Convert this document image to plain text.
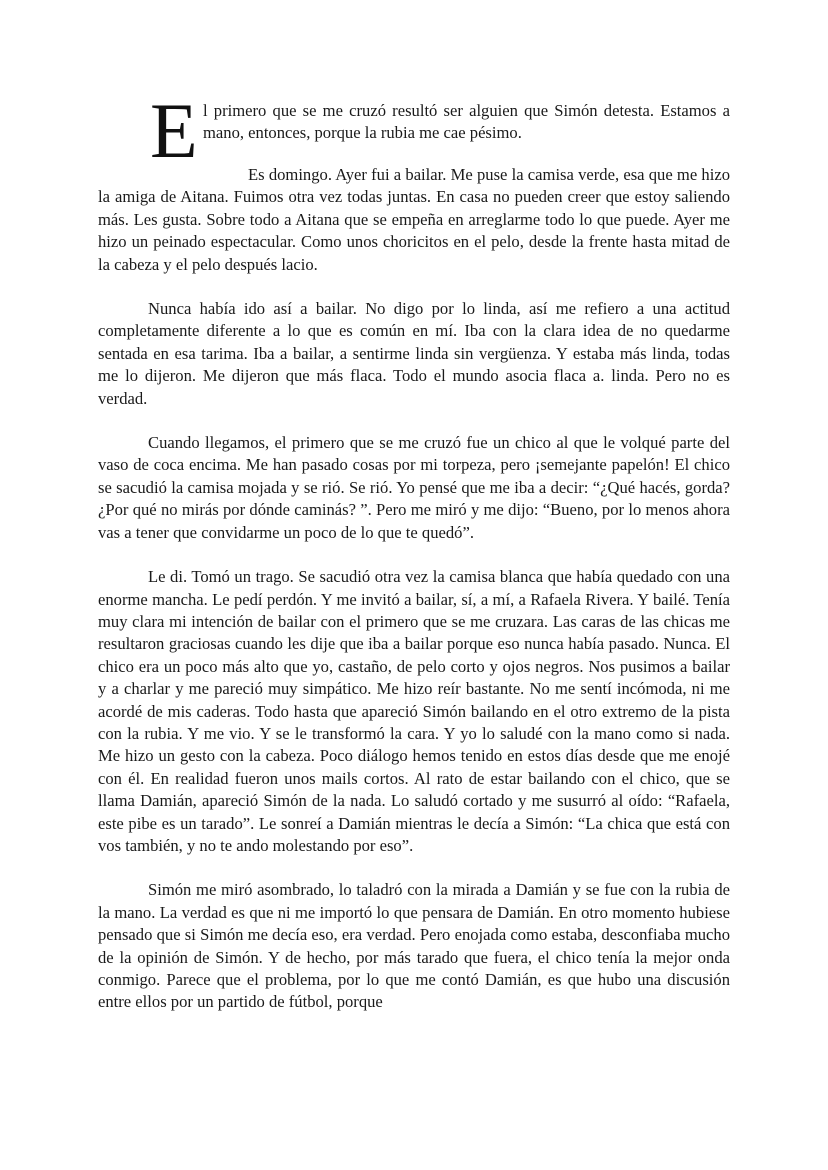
E l primero que se me cruzó resultó ser alguien que Simón detesta. Estamos a mano, entonces, porque la rubia me cae pésimo.

Es domingo. Ayer fui a bailar. Me puse la camisa verde, esa que me hizo la amiga de Aitana. Fuimos otra vez todas juntas. En casa no pueden creer que estoy saliendo más. Les gusta. Sobre todo a Aitana que se empeña en arreglarme todo lo que puede. Ayer me hizo un peinado espectacular. Como unos choricitos en el pelo, desde la frente hasta mitad de la cabeza y el pelo después lacio.

Nunca había ido así a bailar. No digo por lo linda, así me refiero a una actitud completamente diferente a lo que es común en mí. Iba con la clara idea de no quedarme sentada en esa tarima. Iba a bailar, a sentirme linda sin vergüenza. Y estaba más linda, todas me lo dijeron. Me dijeron que más flaca. Todo el mundo asocia flaca a. linda. Pero no es verdad.

Cuando llegamos, el primero que se me cruzó fue un chico al que le volqué parte del vaso de coca encima. Me han pasado cosas por mi torpeza, pero ¡semejante papelón! El chico se sacudió la camisa mojada y se rió. Se rió. Yo pensé que me iba a decir: “¿Qué hacés, gorda? ¿Por qué no mirás por dónde caminás? ”. Pero me miró y me dijo: “Bueno, por lo menos ahora vas a tener que convidarme un poco de lo que te quedó”.

Le di. Tomó un trago. Se sacudió otra vez la camisa blanca que había quedado con una enorme mancha. Le pedí perdón. Y me invitó a bailar, sí, a mí, a Rafaela Rivera. Y bailé. Tenía muy clara mi intención de bailar con el primero que se me cruzara. Las caras de las chicas me resultaron graciosas cuando les dije que iba a bailar porque eso nunca había pasado. Nunca. El chico era un poco más alto que yo, castaño, de pelo corto y ojos negros. Nos pusimos a bailar y a charlar y me pareció muy simpático. Me hizo reír bastante. No me sentí incómoda, ni me acordé de mis caderas. Todo hasta que apareció Simón bailando en el otro extremo de la pista con la rubia. Y me vio. Y se le transformó la cara. Y yo lo saludé con la mano como si nada. Me hizo un gesto con la cabeza. Poco diálogo hemos tenido en estos días desde que me enojé con él. En realidad fueron unos mails cortos. Al rato de estar bailando con el chico, que se llama Damián, apareció Simón de la nada. Lo saludó cortado y me susurró al oído: “Rafaela, este pibe es un tarado”. Le sonreí a Damián mientras le decía a Simón: “La chica que está con vos también, y no te ando molestando por eso”.

Simón me miró asombrado, lo taladró con la mirada a Damián y se fue con la rubia de la mano. La verdad es que ni me importó lo que pensara de Damián. En otro momento hubiese pensado que si Simón me decía eso, era verdad. Pero enojada como estaba, desconfiaba mucho de la opinión de Simón. Y de hecho, por más tarado que fuera, el chico tenía la mejor onda conmigo. Parece que el problema, por lo que me contó Damián, es que hubo una discusión entre ellos por un partido de fútbol, porque
